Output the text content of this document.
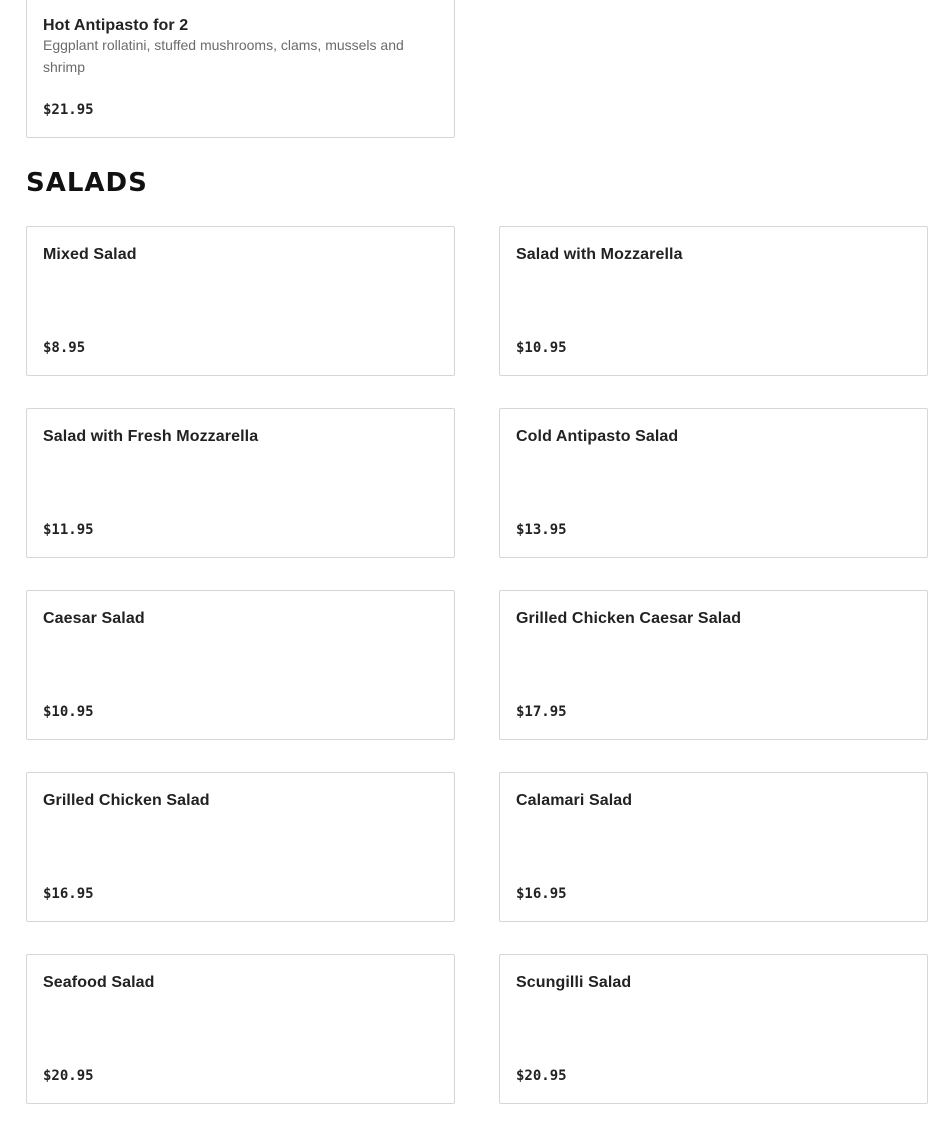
Hot Antipasto for 2
Eggplant rollatini, stuffed mushrooms, clams, mussels and shrimp
$21.95
SALADS
Mixed Salad
$8.95
Salad with Mozzarella
$10.95
Salad with Fresh Mozzarella
$11.95
Cold Antipasto Salad
$13.95
Caesar Salad
$10.95
Grilled Chicken Caesar Salad
$17.95
Grilled Chicken Salad
$16.95
Calamari Salad
$16.95
Seafood Salad
$20.95
Scungilli Salad
$20.95
